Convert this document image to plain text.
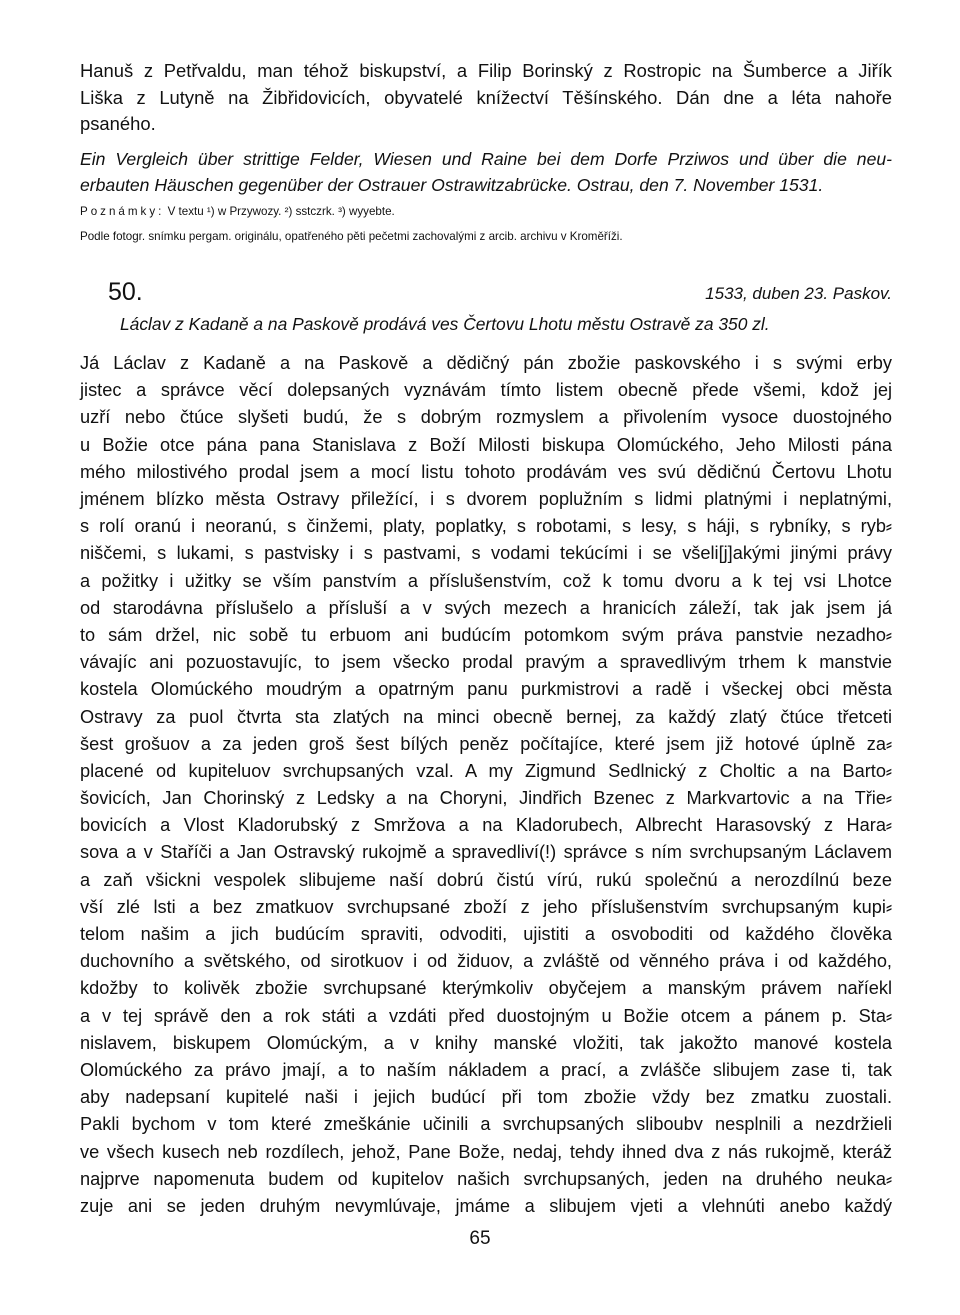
Hanuš z Petřvaldu, man téhož biskupství, a Filip Borinský z Rostropic na Šumberce a Jiřík
Liška z Lutyně na Žibřidovicích, obyvatelé knížectví Těšínského. Dán dne a léta nahoře
psaného.
Ein Vergleich über strittige Felder, Wiesen und Raine bei dem Dorfe Prziwos und über die neu-
erbauten Häuschen gegenüber der Ostrauer Ostrawitzabrücke. Ostrau, den 7. November 1531.
Poznámky: V textu ¹) w Przywozy. ²) sstczrk. ³) wyyebte.
Podle fotogr. snímku pergam. originálu, opatřeného pěti pečetmi zachovalými z arcib. archivu v Kroměříži.
50.	1533, duben 23. Paskov.
Láclav z Kadaně a na Paskově prodává ves Čertovu Lhotu městu Ostravě za 350 zl.
Já Láclav z Kadaně a na Paskově a dědičný pán zbožie paskovského i s svými erby
jistec a správce věcí dolepsaných vyznávám tímto listem obecně přede všemi, kdož jej
uzří nebo čtúce slyšeti budú, že s dobrým rozmyslem a přivolením vysoce duostojného
u Božie otce pána pana Stanislava z Boží Milosti biskupa Olomúckého, Jeho Milosti pána
mého milostivého prodal jsem a mocí listu tohoto prodávám ves svú dědičnú Čertovu Lhotu
jménem blízko města Ostravy přiležící, i s dvorem poplužním s lidmi platnými i neplatnými,
s rolí oranú i neoranú, s činžemi, platy, poplatky, s robotami, s lesy, s háji, s rybníky, s ryb⸗
niščemi, s lukami, s pastvisky i s pastvami, s vodami tekúcími i se všeli[j]akými jinými právy
a požitky i užitky se vším panstvím a příslušenstvím, což k tomu dvoru a k tej vsi Lhotce
od starodávna příslušelo a přísluší a v svých mezech a hranicích záleží, tak jak jsem já
to sám držel, nic sobě tu erbuom ani budúcím potomkom svým práva panstvie nezadho⸗
vávajíc ani pozuostavujíc, to jsem všecko prodal pravým a spravedlivým trhem k manstvie
kostela Olomúckého moudrým a opatrným panu purkmistrovi a radě i všeckej obci města
Ostravy za puol čtvrta sta zlatých na minci obecně bernej, za každý zlatý čtúce třetceti
šest grošuov a za jeden groš šest bílých peněz počítajíce, které jsem již hotové úplně za⸗
placené od kupiteluov svrchupsaných vzal. A my Zigmund Sedlnický z Choltic a na Barto⸗
šovicích, Jan Chorinský z Ledsky a na Choryni, Jindřich Bzenec z Markvartovic a na Třie⸗
bovicích a Vlost Kladorubský z Smržova a na Kladorubech, Albrecht Harasovský z Hara⸗
sova a v Staříči a Jan Ostravský rukojmě a spravedliví(!) správce s ním svrchupsaným Láclavem
a zaň všickni vespolek slibujeme naší dobrú čistú vírú, rukú společnú a nerozdílnú beze
vší zlé lsti a bez zmatkuov svrchupsané zboží z jeho příslušenstvím svrchupsaným kupi⸗
telom našim a jich budúcím spraviti, odvoditi, ujistiti a osvoboditi od každého člověka
duchovního a světského, od sirotkuov i od židuov, a zvláště od věnného práva i od každého,
kdožby to kolivěk zbožie svrchupsané kterýmkoliv obyčejem a manským právem naříekl
a v tej správě den a rok státi a vzdáti před duostojným u Božie otcem a pánem p. Sta⸗
nislavem, biskupem Olomúckým, a v knihy manské vložiti, tak jakožto manové kostela
Olomúckého za právo jmají, a to naším nákladem a prací, a zvlášče slibujem zase ti, tak
aby nadepsaní kupitelé naši i jejich budúcí při tom zbožie vždy bez zmatku zuostali.
Pakli bychom v tom které zmeškánie učinili a svrchupsaných sliboubv nesplnili a nezdržieli
ve všech kusech neb rozdílech, jehož, Pane Bože, nedaj, tehdy ihned dva z nás rukojmě, kteráž
najprve napomenuta budem od kupitelov našich svrchupsaných, jeden na druhého neuka⸗
zuje ani se jeden druhým nevymlúvaje, jmáme a slibujem vjeti a vlehnúti anebo každý
65
